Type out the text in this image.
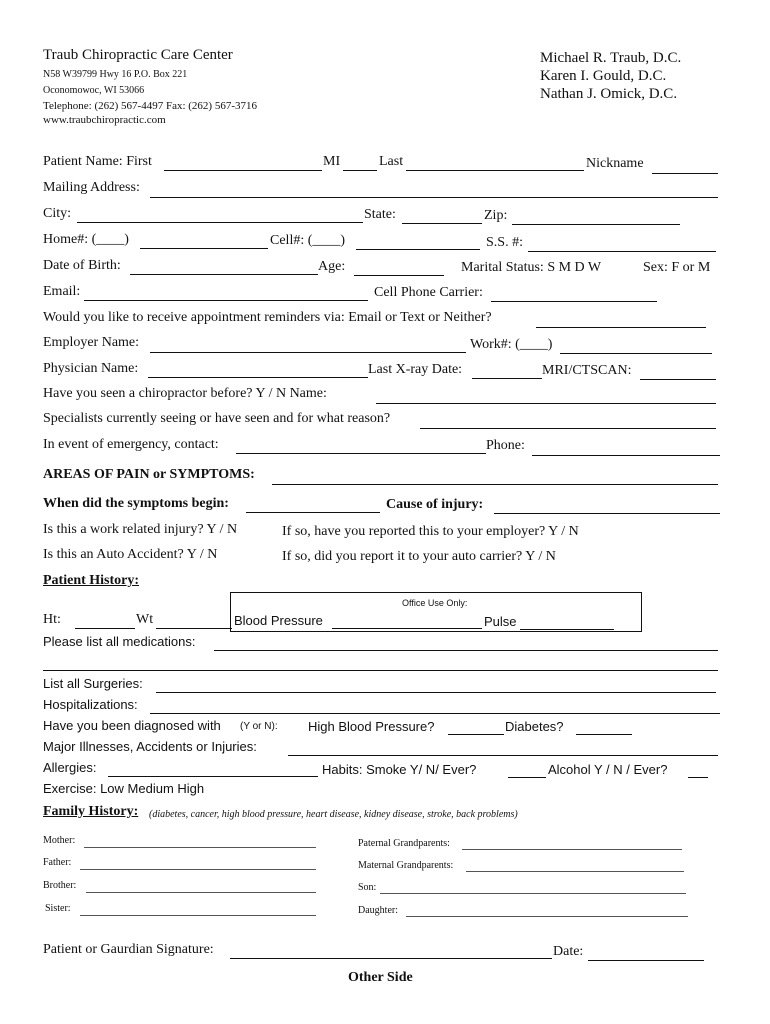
Traub Chiropractic Care Center
N58 W39799 Hwy 16 P.O. Box 221
Oconomowoc, WI 53066
Telephone: (262) 567-4497 Fax: (262) 567-3716
www.traubchiropractic.com
Michael R. Traub, D.C.
Karen I. Gould, D.C.
Nathan J. Omick, D.C.
Patient Name: First	MI	Last	Nickname
Mailing Address:
City:	State:	Zip:
Home#: (____)	Cell#: (____)	S.S. #:
Date of Birth:	Age:	Marital Status: S M D W	Sex: F or M
Email:	Cell Phone Carrier:
Would you like to receive appointment reminders via: Email or Text or Neither?
Employer Name:	Work#: (____)
Physician Name:	Last X-ray Date:	MRI/CTSCAN:
Have you seen a chiropractor before? Y / N Name:
Specialists currently seeing or have seen and for what reason?
In event of emergency, contact:	Phone:
AREAS OF PAIN or SYMPTOMS:
When did the symptoms begin:	Cause of injury:
Is this a work related injury? Y / N	If so, have you reported this to your employer? Y / N
Is this an Auto Accident? Y / N	If so, did you report it to your auto carrier? Y / N
Patient History:
Office Use Only:
Ht:	Wt	Blood Pressure	Pulse
Please list all medications:
List all Surgeries:
Hospitalizations:
Have you been diagnosed with (Y or N): High Blood Pressure?	Diabetes?
Major Illnesses, Accidents or Injuries:
Allergies:	Habits: Smoke Y/ N/ Ever?	Alcohol Y / N / Ever?
Exercise: Low Medium High
Family History: (diabetes, cancer, high blood pressure, heart disease, kidney disease, stroke, back problems)
Mother:	Paternal Grandparents:
Father:	Maternal Grandparents:
Brother:	Son:
Sister:	Daughter:
Patient or Gaurdian Signature:	Date:
Other Side
